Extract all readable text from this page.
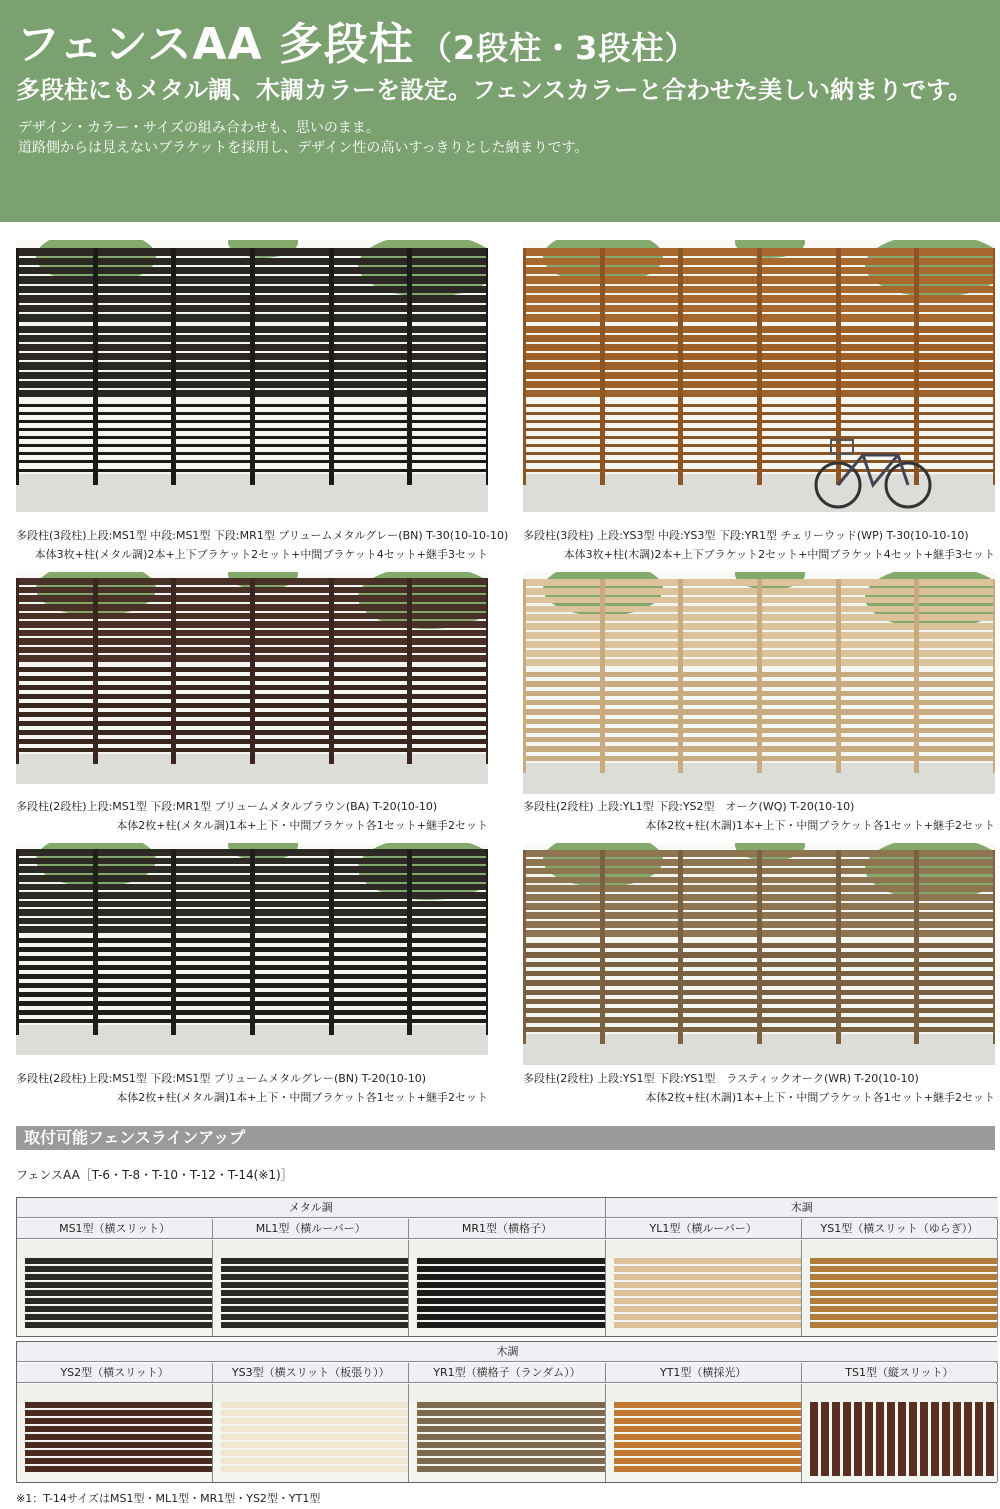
フェンスAA 多段柱 （2段柱・3段柱）
多段柱にもメタル調、木調カラーを設定。フェンスカラーと合わせた美しい納まりです。
デザイン・カラー・サイズの組み合わせも、思いのまま。
道路側からは見えないブラケットを採用し、デザイン性の高いすっきりとした納まりです。
多段柱(3段柱)上段:MS1型 中段:MS1型 下段:MR1型 ブリュームメタルグレー(BN) T-30(10-10-10)
本体3枚+柱(メタル調)2本+上下ブラケット2セット+中間ブラケット4セット+継手3セット
多段柱(3段柱) 上段:YS3型 中段:YS3型 下段:YR1型 チェリーウッド(WP) T-30(10-10-10)
本体3枚+柱(木調)2本+上下ブラケット2セット+中間ブラケット4セット+継手3セット
多段柱(2段柱)上段:MS1型 下段:MR1型 ブリュームメタルブラウン(BA) T-20(10-10)
本体2枚+柱(メタル調)1本+上下・中間ブラケット各1セット+継手2セット
多段柱(2段柱) 上段:YL1型 下段:YS2型　オーク(WQ) T-20(10-10)
本体2枚+柱(木調)1本+上下・中間ブラケット各1セット+継手2セット
多段柱(2段柱)上段:MS1型 下段:MS1型 ブリュームメタルグレー(BN) T-20(10-10)
本体2枚+柱(メタル調)1本+上下・中間ブラケット各1セット+継手2セット
多段柱(2段柱) 上段:YS1型 下段:YS1型　ラスティックオーク(WR) T-20(10-10)
本体2枚+柱(木調)1本+上下・中間ブラケット各1セット+継手2セット
取付可能フェンスラインアップ
フェンスAA［T-6・T-8・T-10・T-12・T-14(※1)］
メタル調	木調
MS1型（横スリット）	ML1型（横ルーバー）	MR1型（横格子）	YL1型（横ルーバー）	YS1型（横スリット（ゆらぎ））
木調
YS2型（横スリット）	YS3型（横スリット（板張り））	YR1型（横格子（ランダム））	YT1型（横採光）	TS1型（縦スリット）
※1：T-14サイズはMS1型・ML1型・MR1型・YS2型・YT1型
